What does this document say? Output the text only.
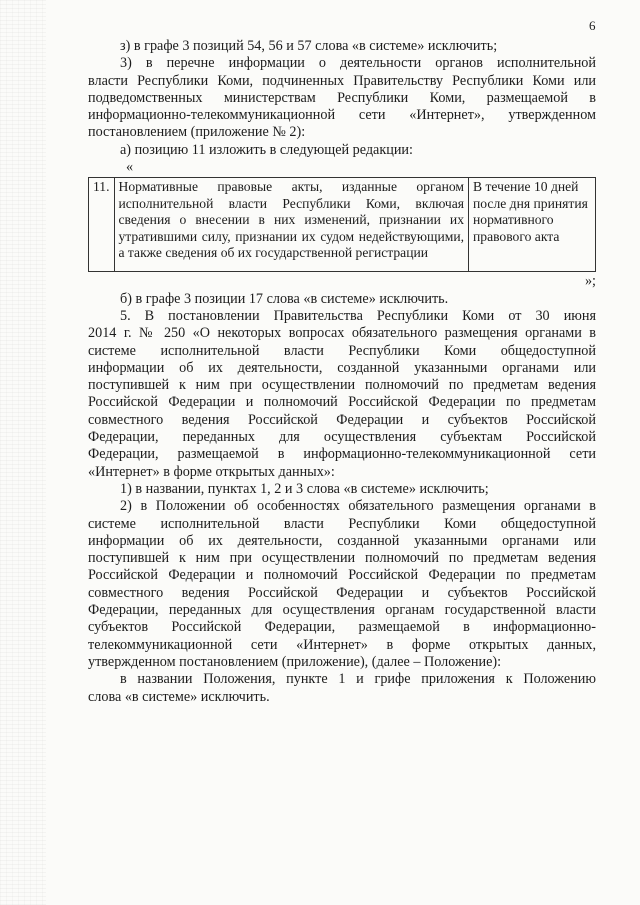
6

з) в графе 3 позиций 54, 56 и 57 слова «в системе» исключить;

3) в перечне информации о деятельности органов исполнительной

власти Республики Коми, подчиненных Правительству Республики Коми или

подведомственных министерствам Республики Коми, размещаемой в

информационно-телекоммуникационной сети «Интернет», утвержденном

постановлением (приложение № 2):

а) позицию 11 изложить в следующей редакции:

«

11.	Нормативные правовые акты, изданные органом исполнительной власти Республики Коми, включая сведения о внесении в них изменений, признании их утратившими силу, признании их судом недействующими, а также сведения об их государственной регистрации	В течение 10 дней после дня принятия нормативного правового акта

»;

б) в графе 3 позиции 17 слова «в системе» исключить.

5. В постановлении Правительства Республики Коми от 30 июня

2014 г. № 250 «О некоторых вопросах обязательного размещения органами в

системе исполнительной власти Республики Коми общедоступной

информации об их деятельности, созданной указанными органами или

поступившей к ним при осуществлении полномочий по предметам ведения

Российской Федерации и полномочий Российской Федерации по предметам

совместного ведения Российской Федерации и субъектов Российской

Федерации, переданных для осуществления субъектам Российской

Федерации, размещаемой в информационно-телекоммуникационной сети

«Интернет» в форме открытых данных»:

1) в названии, пунктах 1, 2 и 3 слова «в системе» исключить;

2) в Положении об особенностях обязательного размещения органами в

системе исполнительной власти Республики Коми общедоступной

информации об их деятельности, созданной указанными органами или

поступившей к ним при осуществлении полномочий по предметам ведения

Российской Федерации и полномочий Российской Федерации по предметам

совместного ведения Российской Федерации и субъектов Российской

Федерации, переданных для осуществления органам государственной власти

субъектов Российской Федерации, размещаемой в информационно-

телекоммуникационной сети «Интернет» в форме открытых данных,

утвержденном постановлением (приложение), (далее – Положение):

в названии Положения, пункте 1 и грифе приложения к Положению

слова «в системе» исключить.
